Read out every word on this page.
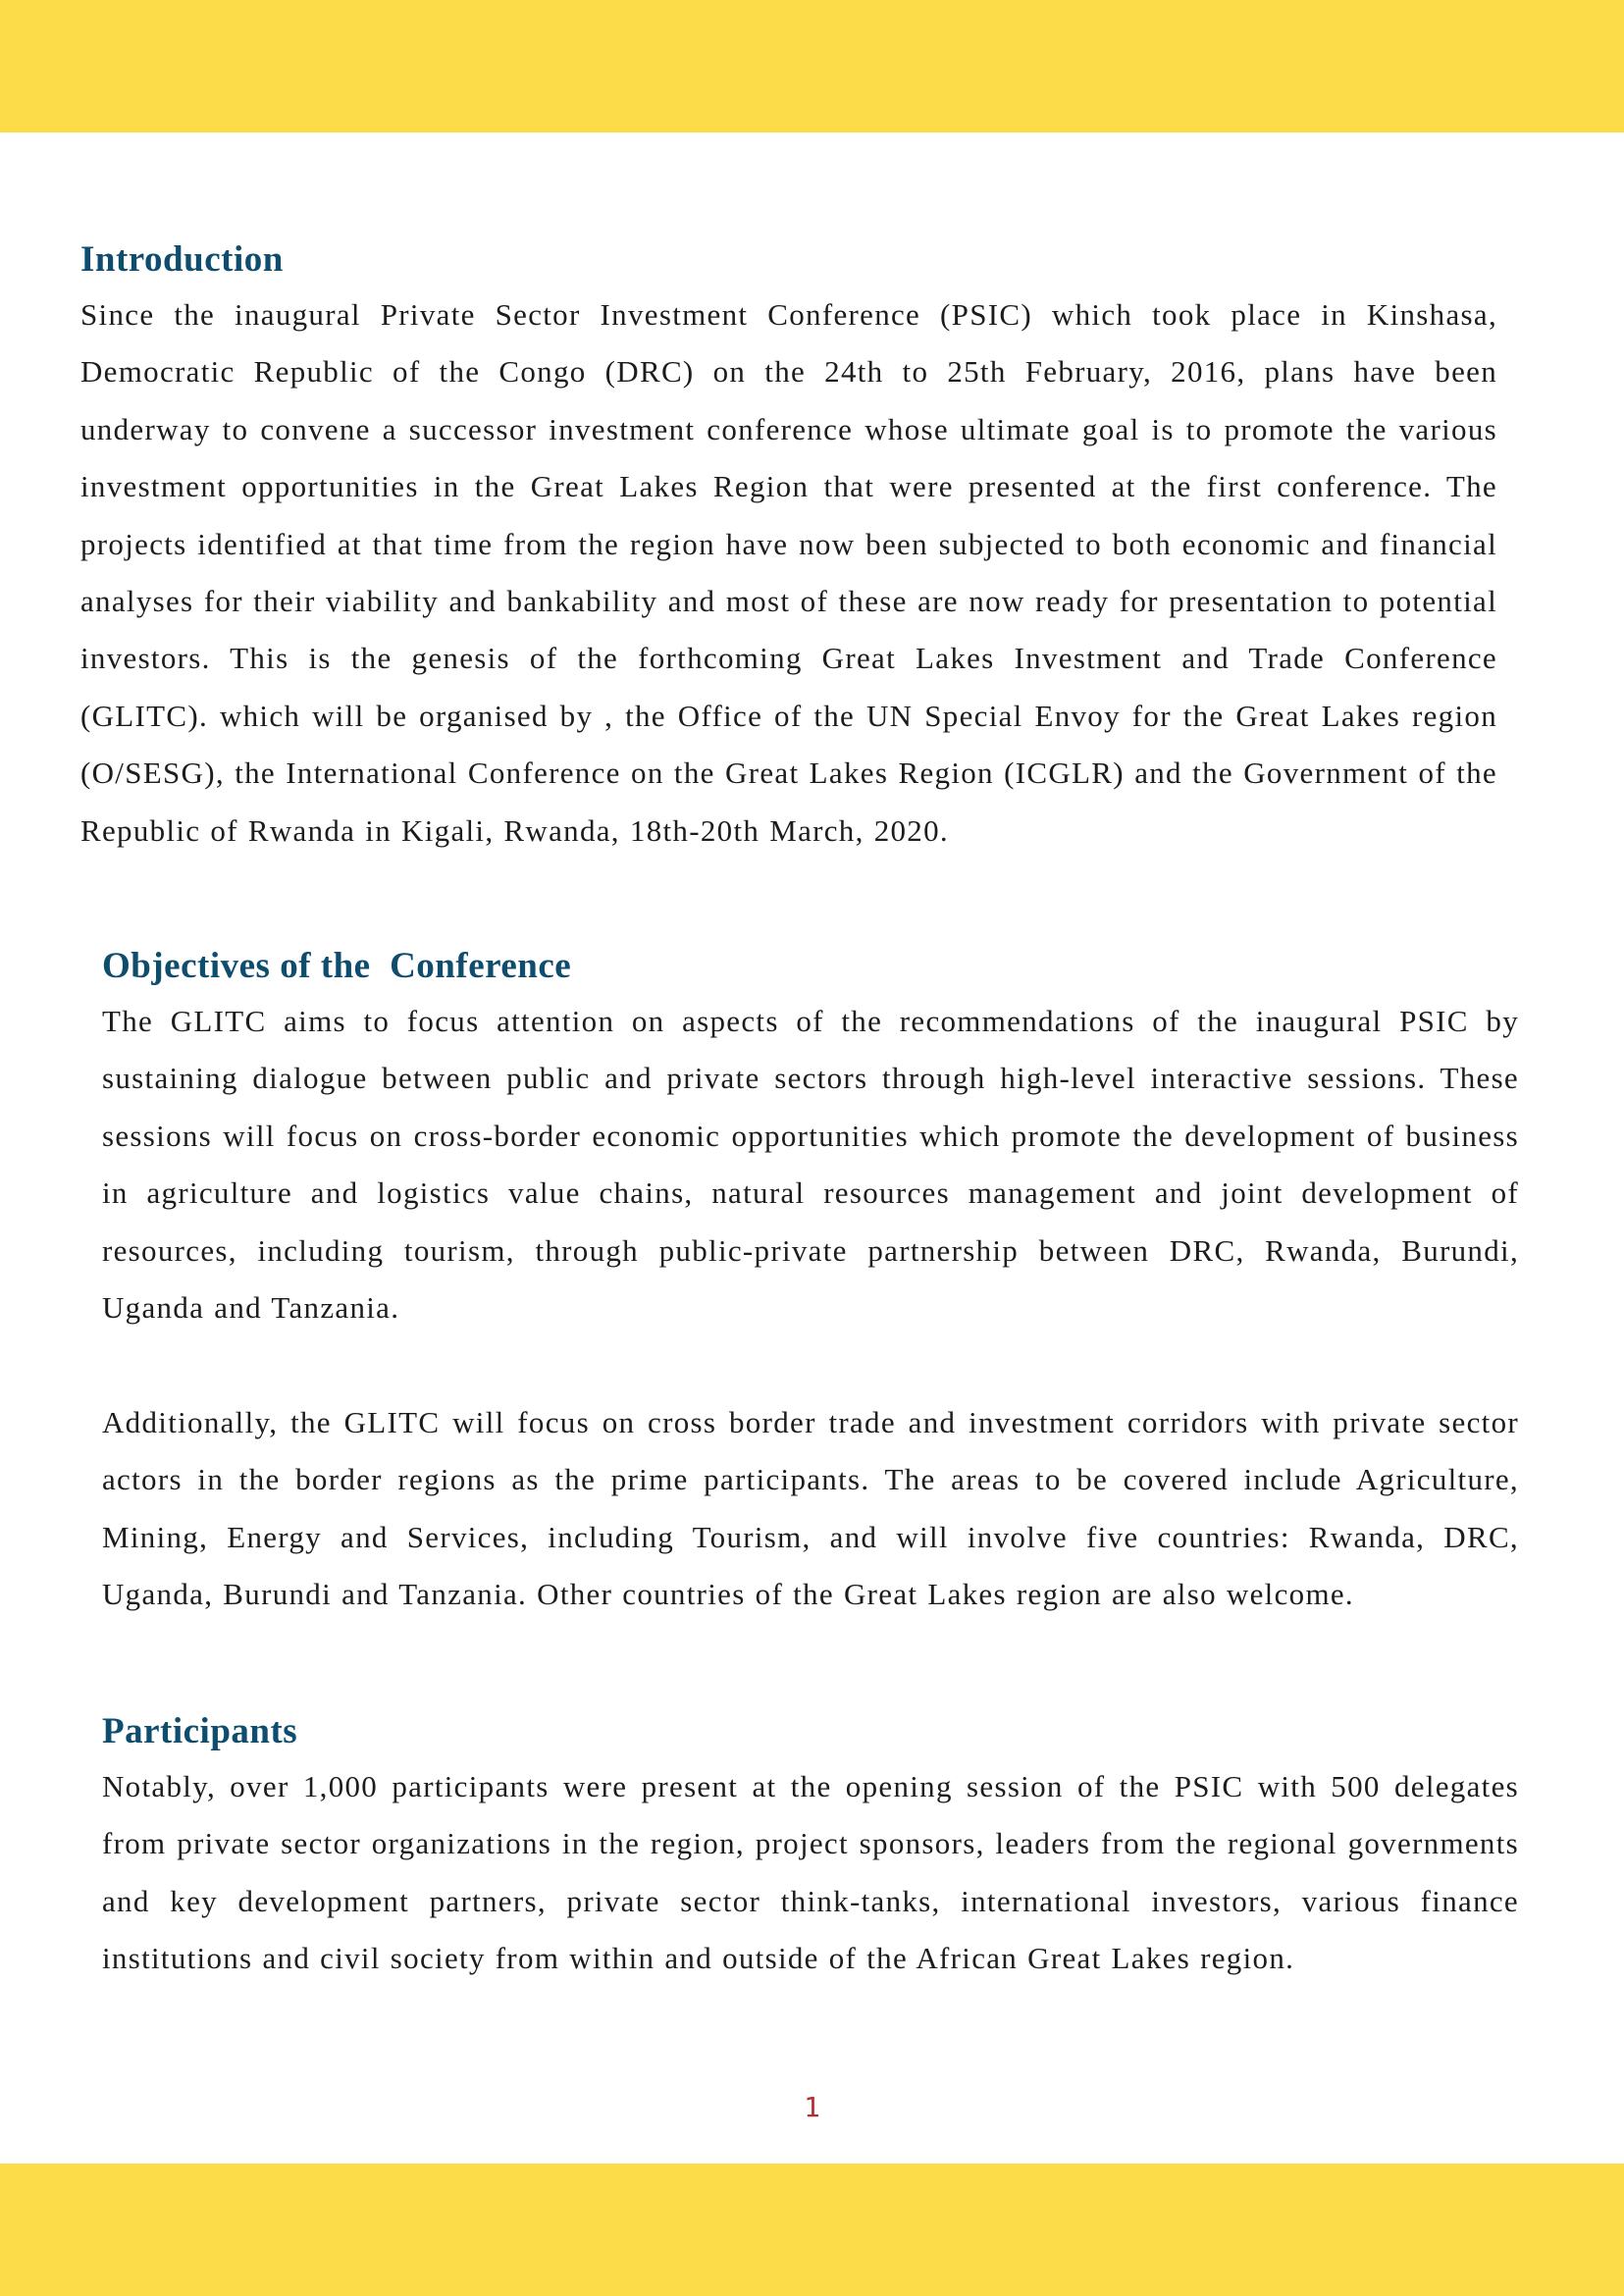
Introduction

Since the inaugural Private Sector Investment Conference (PSIC) which took place in Kinshasa, Democratic Republic of the Congo (DRC) on the 24th to 25th February, 2016, plans have been underway to convene a successor investment conference whose ultimate goal is to promote the various investment opportunities in the Great Lakes Region that were presented at the first conference. The projects identified at that time from the region have now been subjected to both economic and financial analyses for their viability and bankability and most of these are now ready for presentation to potential investors. This is the genesis of the forthcoming Great Lakes Investment and Trade Conference (GLITC). which will be organised by , the Office of the UN Special Envoy for the Great Lakes region (O/SESG), the International Conference on the Great Lakes Region (ICGLR) and the Government of the Republic of Rwanda in Kigali, Rwanda, 18th-20th March, 2020.

Objectives of the  Conference

The GLITC aims to focus attention on aspects of the recommendations of the inaugural PSIC by sustaining dialogue between public and private sectors through high-level interactive sessions. These sessions will focus on cross-border economic opportunities which promote the development of business in agriculture and logistics value chains, natural resources management and joint development of resources, including tourism, through public-private partnership between DRC, Rwanda, Burundi, Uganda and Tanzania.

Additionally, the GLITC will focus on cross border trade and investment corridors with private sector actors in the border regions as the prime participants. The areas to be covered include Agriculture, Mining, Energy and Services, including Tourism, and will involve five countries: Rwanda, DRC, Uganda, Burundi and Tanzania. Other countries of the Great Lakes region are also welcome.

Participants

Notably, over 1,000 participants were present at the opening session of the PSIC with 500 delegates from private sector organizations in the region, project sponsors, leaders from the regional governments and key development partners, private sector think-tanks, international investors, various finance institutions and civil society from within and outside of the African Great Lakes region.

1
